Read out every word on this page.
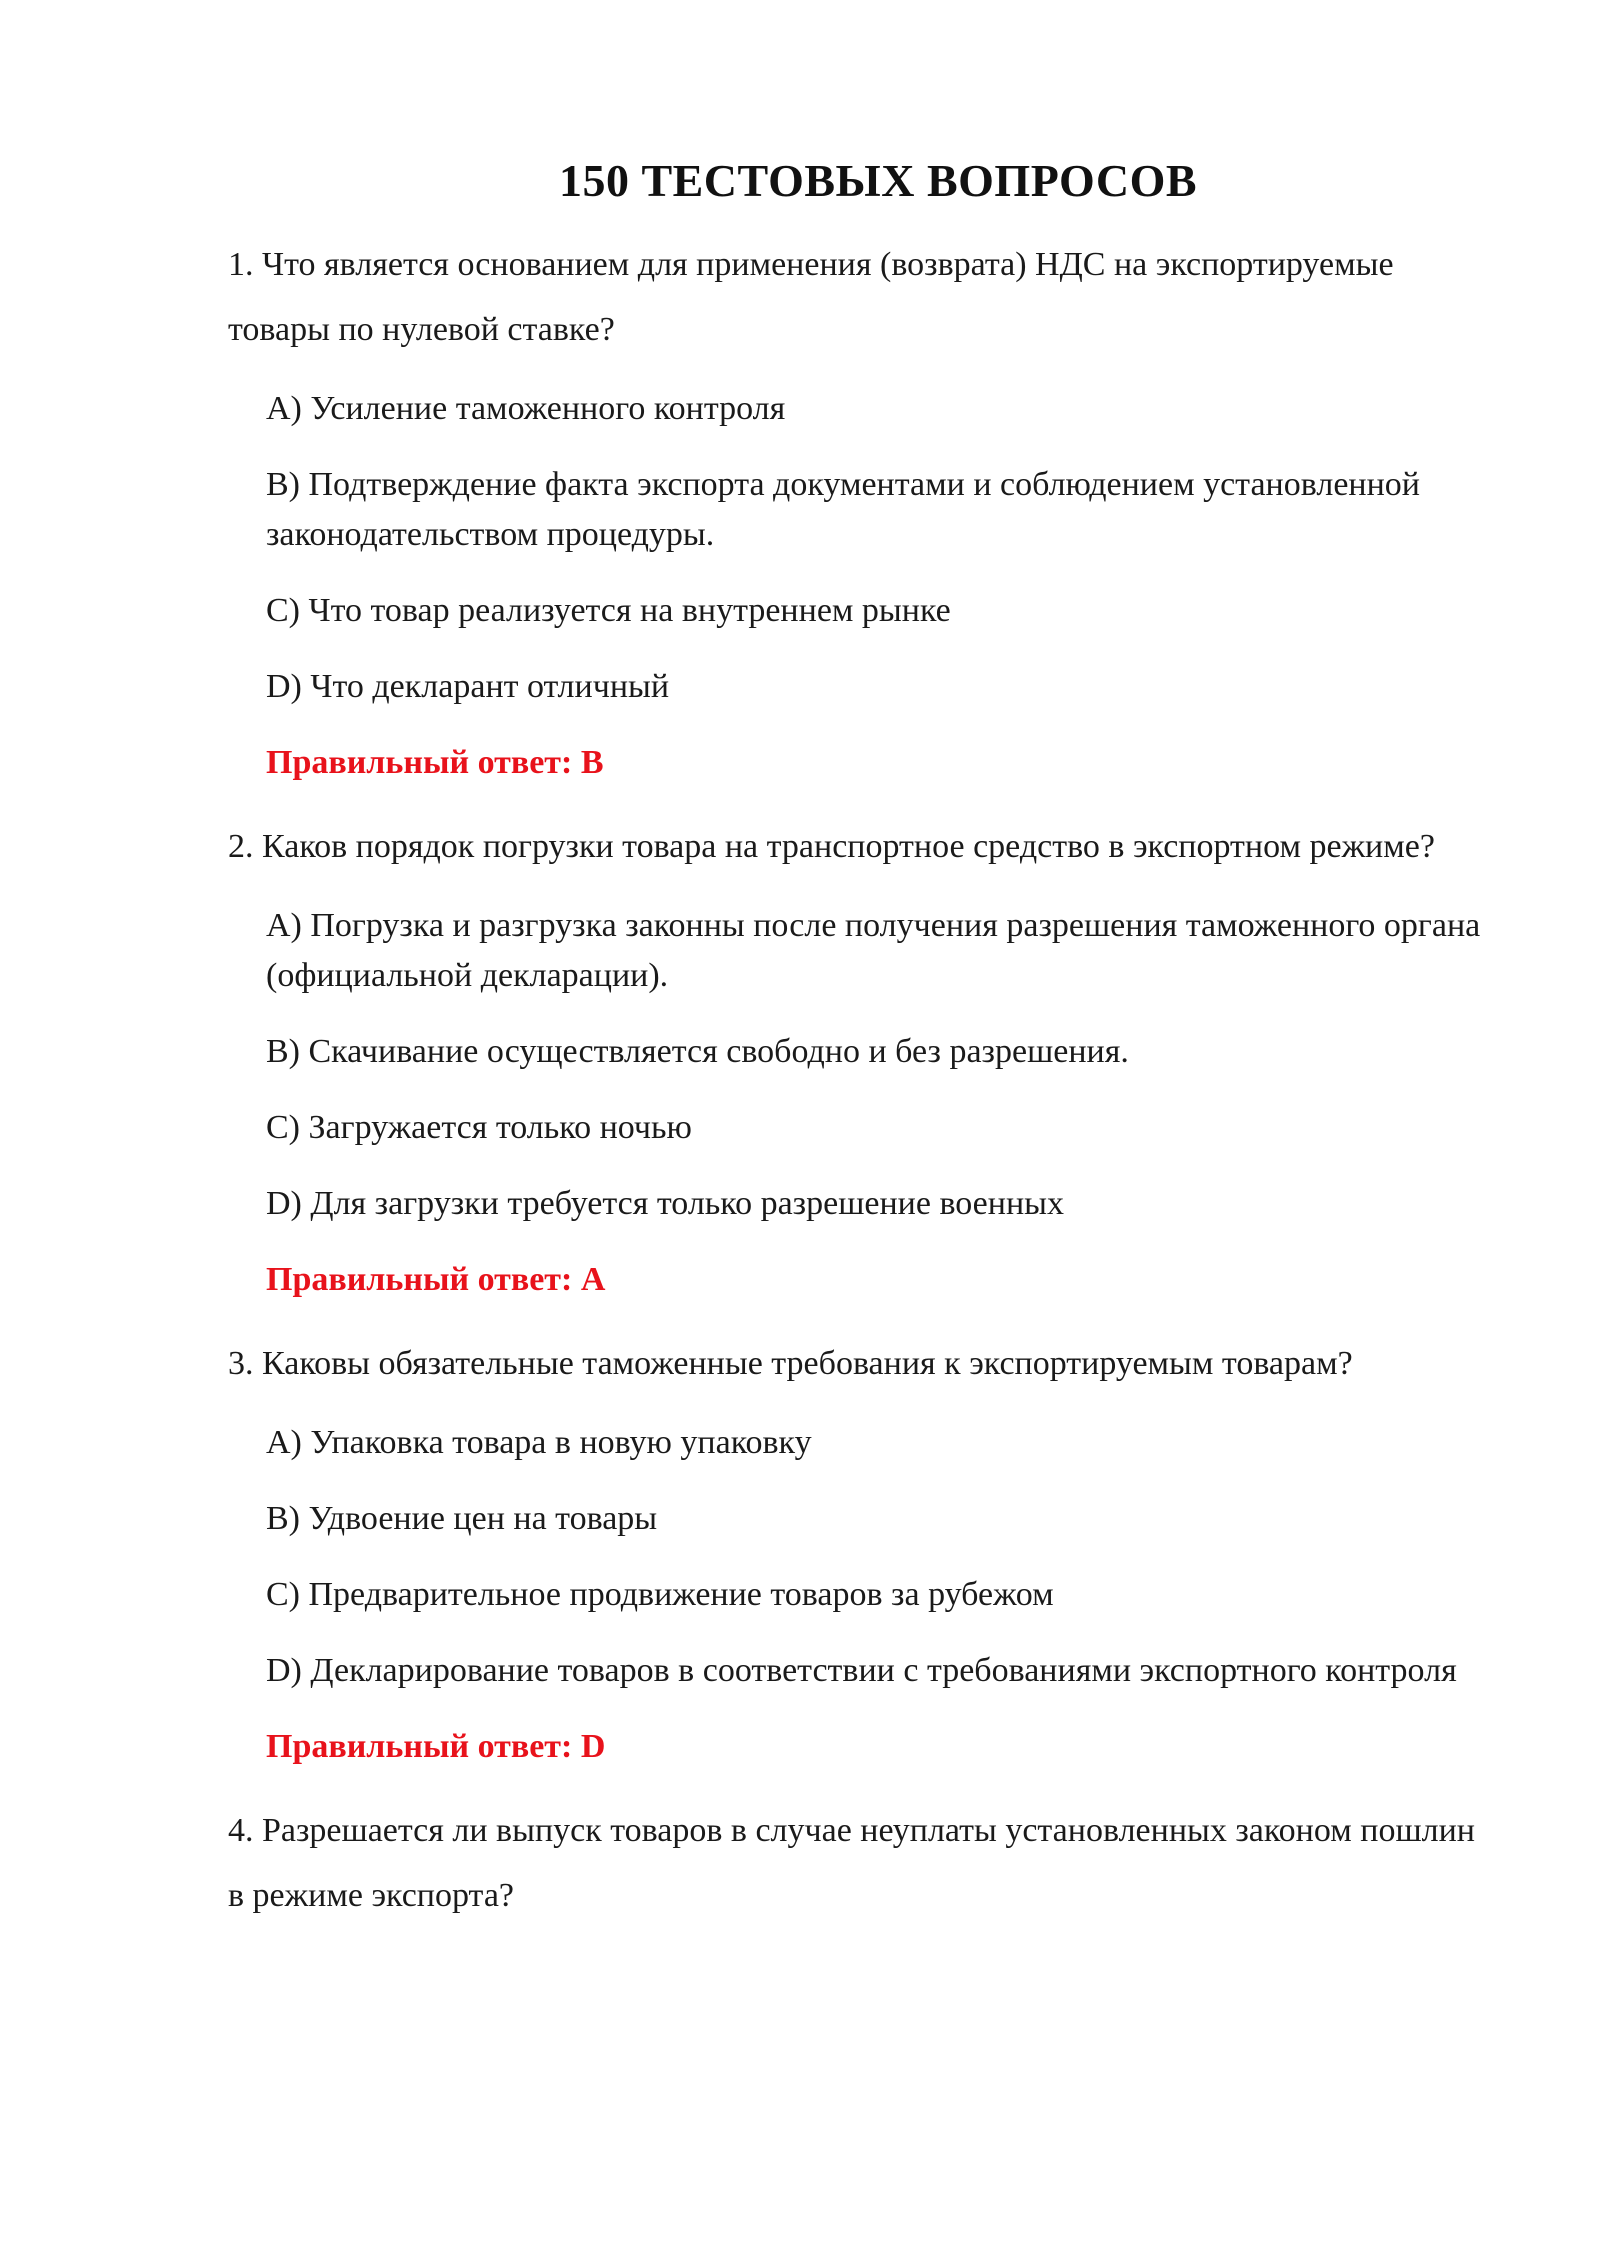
150 ТЕСТОВЫХ ВОПРОСОВ

1. Что является основанием для применения (возврата) НДС на экспортируемые товары по нулевой ставке?

A) Усиление таможенного контроля
B) Подтверждение факта экспорта документами и соблюдением установленной законодательством процедуры.
C) Что товар реализуется на внутреннем рынке
D) Что декларант отличный

Правильный ответ: B

2. Каков порядок погрузки товара на транспортное средство в экспортном режиме?

A) Погрузка и разгрузка законны после получения разрешения таможенного органа (официальной декларации).
B) Скачивание осуществляется свободно и без разрешения.
C) Загружается только ночью
D) Для загрузки требуется только разрешение военных

Правильный ответ: A

3. Каковы обязательные таможенные требования к экспортируемым товарам?

A) Упаковка товара в новую упаковку
B) Удвоение цен на товары
C) Предварительное продвижение товаров за рубежом
D) Декларирование товаров в соответствии с требованиями экспортного контроля

Правильный ответ: D

4. Разрешается ли выпуск товаров в случае неуплаты установленных законом пошлин в режиме экспорта?
